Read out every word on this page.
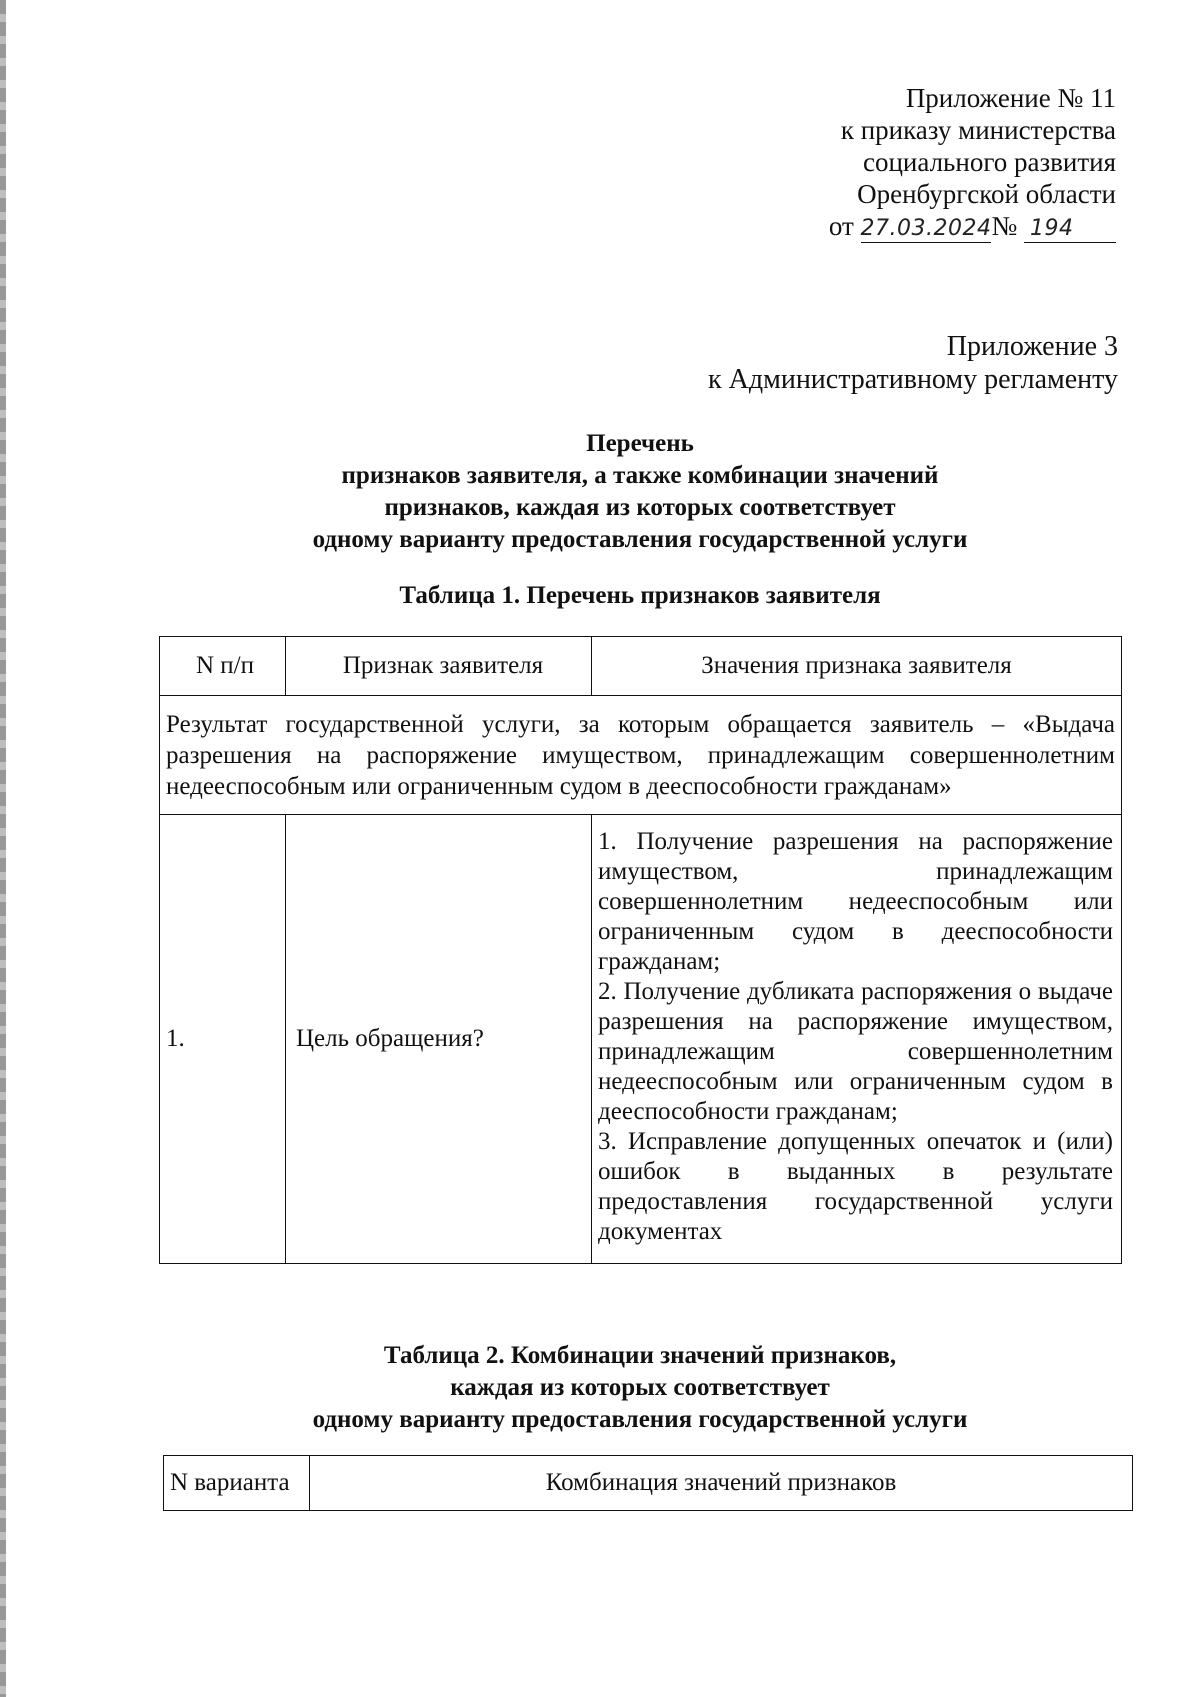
Приложение № 11
к приказу министерства
социального развития
Оренбургской области
от 27.03.2024№ 194
Приложение 3
к Административному регламенту
Перечень
признаков заявителя, а также комбинации значений
признаков, каждая из которых соответствует
одному варианту предоставления государственной услуги
Таблица 1. Перечень признаков заявителя
N п/п	Признак заявителя	Значения признака заявителя
Результат государственной услуги, за которым обращается заявитель – «Выдача разрешения на распоряжение имуществом, принадлежащим совершеннолетним недееспособным или ограниченным судом в дееспособности гражданам»		
1.	Цель обращения?	1. Получение разрешения на распоряжение имуществом, принадлежащим совершеннолетним недееспособным или ограниченным судом в дееспособности гражданам;
2. Получение дубликата распоряжения о выдаче разрешения на распоряжение имуществом, принадлежащим совершеннолетним недееспособным или ограниченным судом в дееспособности гражданам;
3. Исправление допущенных опечаток и (или) ошибок в выданных в результате предоставления государственной услуги документах
Таблица 2. Комбинации значений признаков,
каждая из которых соответствует
одному варианту предоставления государственной услуги
N варианта	Комбинация значений признаков
